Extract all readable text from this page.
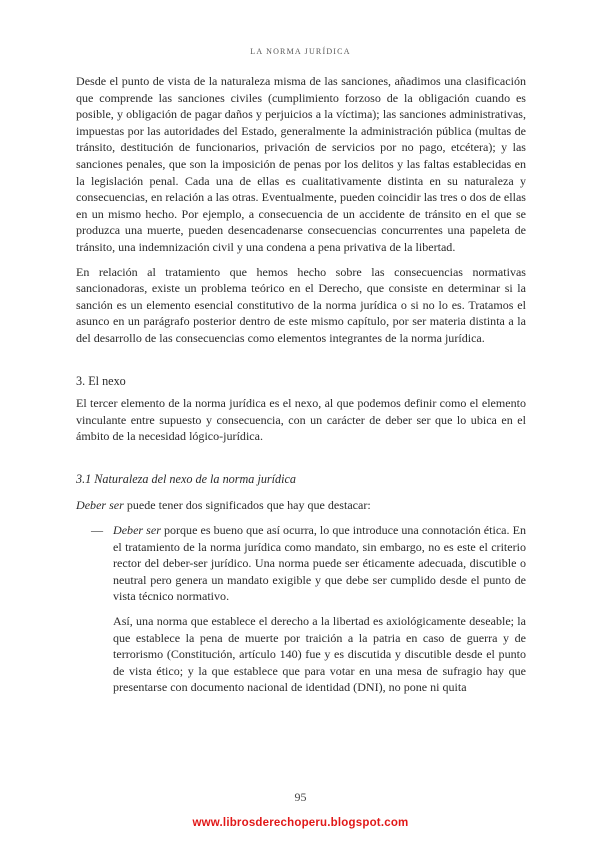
LA NORMA JURÍDICA

Desde el punto de vista de la naturaleza misma de las sanciones, añadimos una clasificación que comprende las sanciones civiles (cumplimiento forzoso de la obligación cuando es posible, y obligación de pagar daños y perjuicios a la víctima); las sanciones administrativas, impuestas por las autoridades del Estado, generalmente la administración pública (multas de tránsito, destitución de funcionarios, privación de servicios por no pago, etcétera); y las sanciones penales, que son la imposición de penas por los delitos y las faltas establecidas en la legislación penal. Cada una de ellas es cualitativamente distinta en su naturaleza y consecuencias, en relación a las otras. Eventualmente, pueden coincidir las tres o dos de ellas en un mismo hecho. Por ejemplo, a consecuencia de un accidente de tránsito en el que se produzca una muerte, pueden desencadenarse consecuencias concurrentes una papeleta de tránsito, una indemnización civil y una condena a pena privativa de la libertad.

En relación al tratamiento que hemos hecho sobre las consecuencias normativas sancionadoras, existe un problema teórico en el Derecho, que consiste en determinar si la sanción es un elemento esencial constitutivo de la norma jurídica o si no lo es. Tratamos el asunco en un parágrafo posterior dentro de este mismo capítulo, por ser materia distinta a la del desarrollo de las consecuencias como elementos integrantes de la norma jurídica.

3. El nexo

El tercer elemento de la norma jurídica es el nexo, al que podemos definir como el elemento vinculante entre supuesto y consecuencia, con un carácter de deber ser que lo ubica en el ámbito de la necesidad lógico-jurídica.

3.1 Naturaleza del nexo de la norma jurídica

Deber ser puede tener dos significados que hay que destacar:

— Deber ser porque es bueno que así ocurra, lo que introduce una connotación ética. En el tratamiento de la norma jurídica como mandato, sin embargo, no es este el criterio rector del deber-ser jurídico. Una norma puede ser éticamente adecuada, discutible o neutral pero genera un mandato exigible y que debe ser cumplido desde el punto de vista técnico normativo.

Así, una norma que establece el derecho a la libertad es axiológicamente deseable; la que establece la pena de muerte por traición a la patria en caso de guerra y de terrorismo (Constitución, artículo 140) fue y es discutida y discutible desde el punto de vista ético; y la que establece que para votar en una mesa de sufragio hay que presentarse con documento nacional de identidad (DNI), no pone ni quita

95
www.librosderechoperu.blogspot.com
